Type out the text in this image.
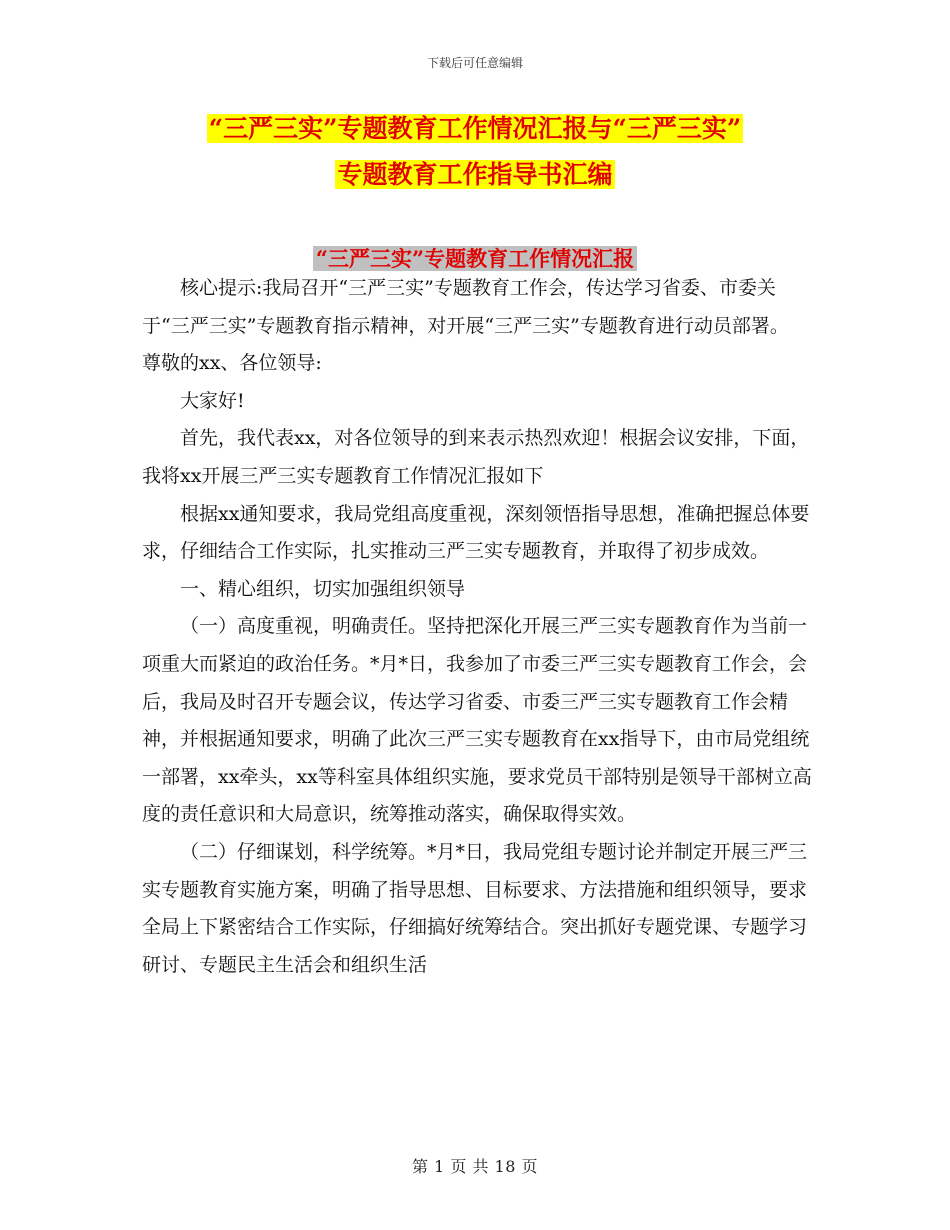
下载后可任意编辑
“三严三实”专题教育工作情况汇报与“三严三实”
专题教育工作指导书汇编
“三严三实”专题教育工作情况汇报

核心提示:我局召开“三严三实”专题教育工作会，传达学习省委、市委关于“三严三实”专题教育指示精神，对开展“三严三实”专题教育进行动员部署。

尊敬的xx、各位领导:

大家好!

首先，我代表xx，对各位领导的到来表示热烈欢迎！根据会议安排，下面，我将xx开展三严三实专题教育工作情况汇报如下

根据xx通知要求，我局党组高度重视，深刻领悟指导思想，准确把握总体要求，仔细结合工作实际，扎实推动三严三实专题教育，并取得了初步成效。

一、精心组织，切实加强组织领导

（一）高度重视，明确责任。坚持把深化开展三严三实专题教育作为当前一项重大而紧迫的政治任务。*月*日，我参加了市委三严三实专题教育工作会，会后，我局及时召开专题会议，传达学习省委、市委三严三实专题教育工作会精神，并根据通知要求，明确了此次三严三实专题教育在xx指导下，由市局党组统一部署，xx牵头，xx等科室具体组织实施，要求党员干部特别是领导干部树立高度的责任意识和大局意识，统筹推动落实，确保取得实效。

（二）仔细谋划，科学统筹。*月*日，我局党组专题讨论并制定开展三严三实专题教育实施方案，明确了指导思想、目标要求、方法措施和组织领导，要求全局上下紧密结合工作实际，仔细搞好统筹结合。突出抓好专题党课、专题学习研讨、专题民主生活会和组织生活

第 1 页 共 18 页
